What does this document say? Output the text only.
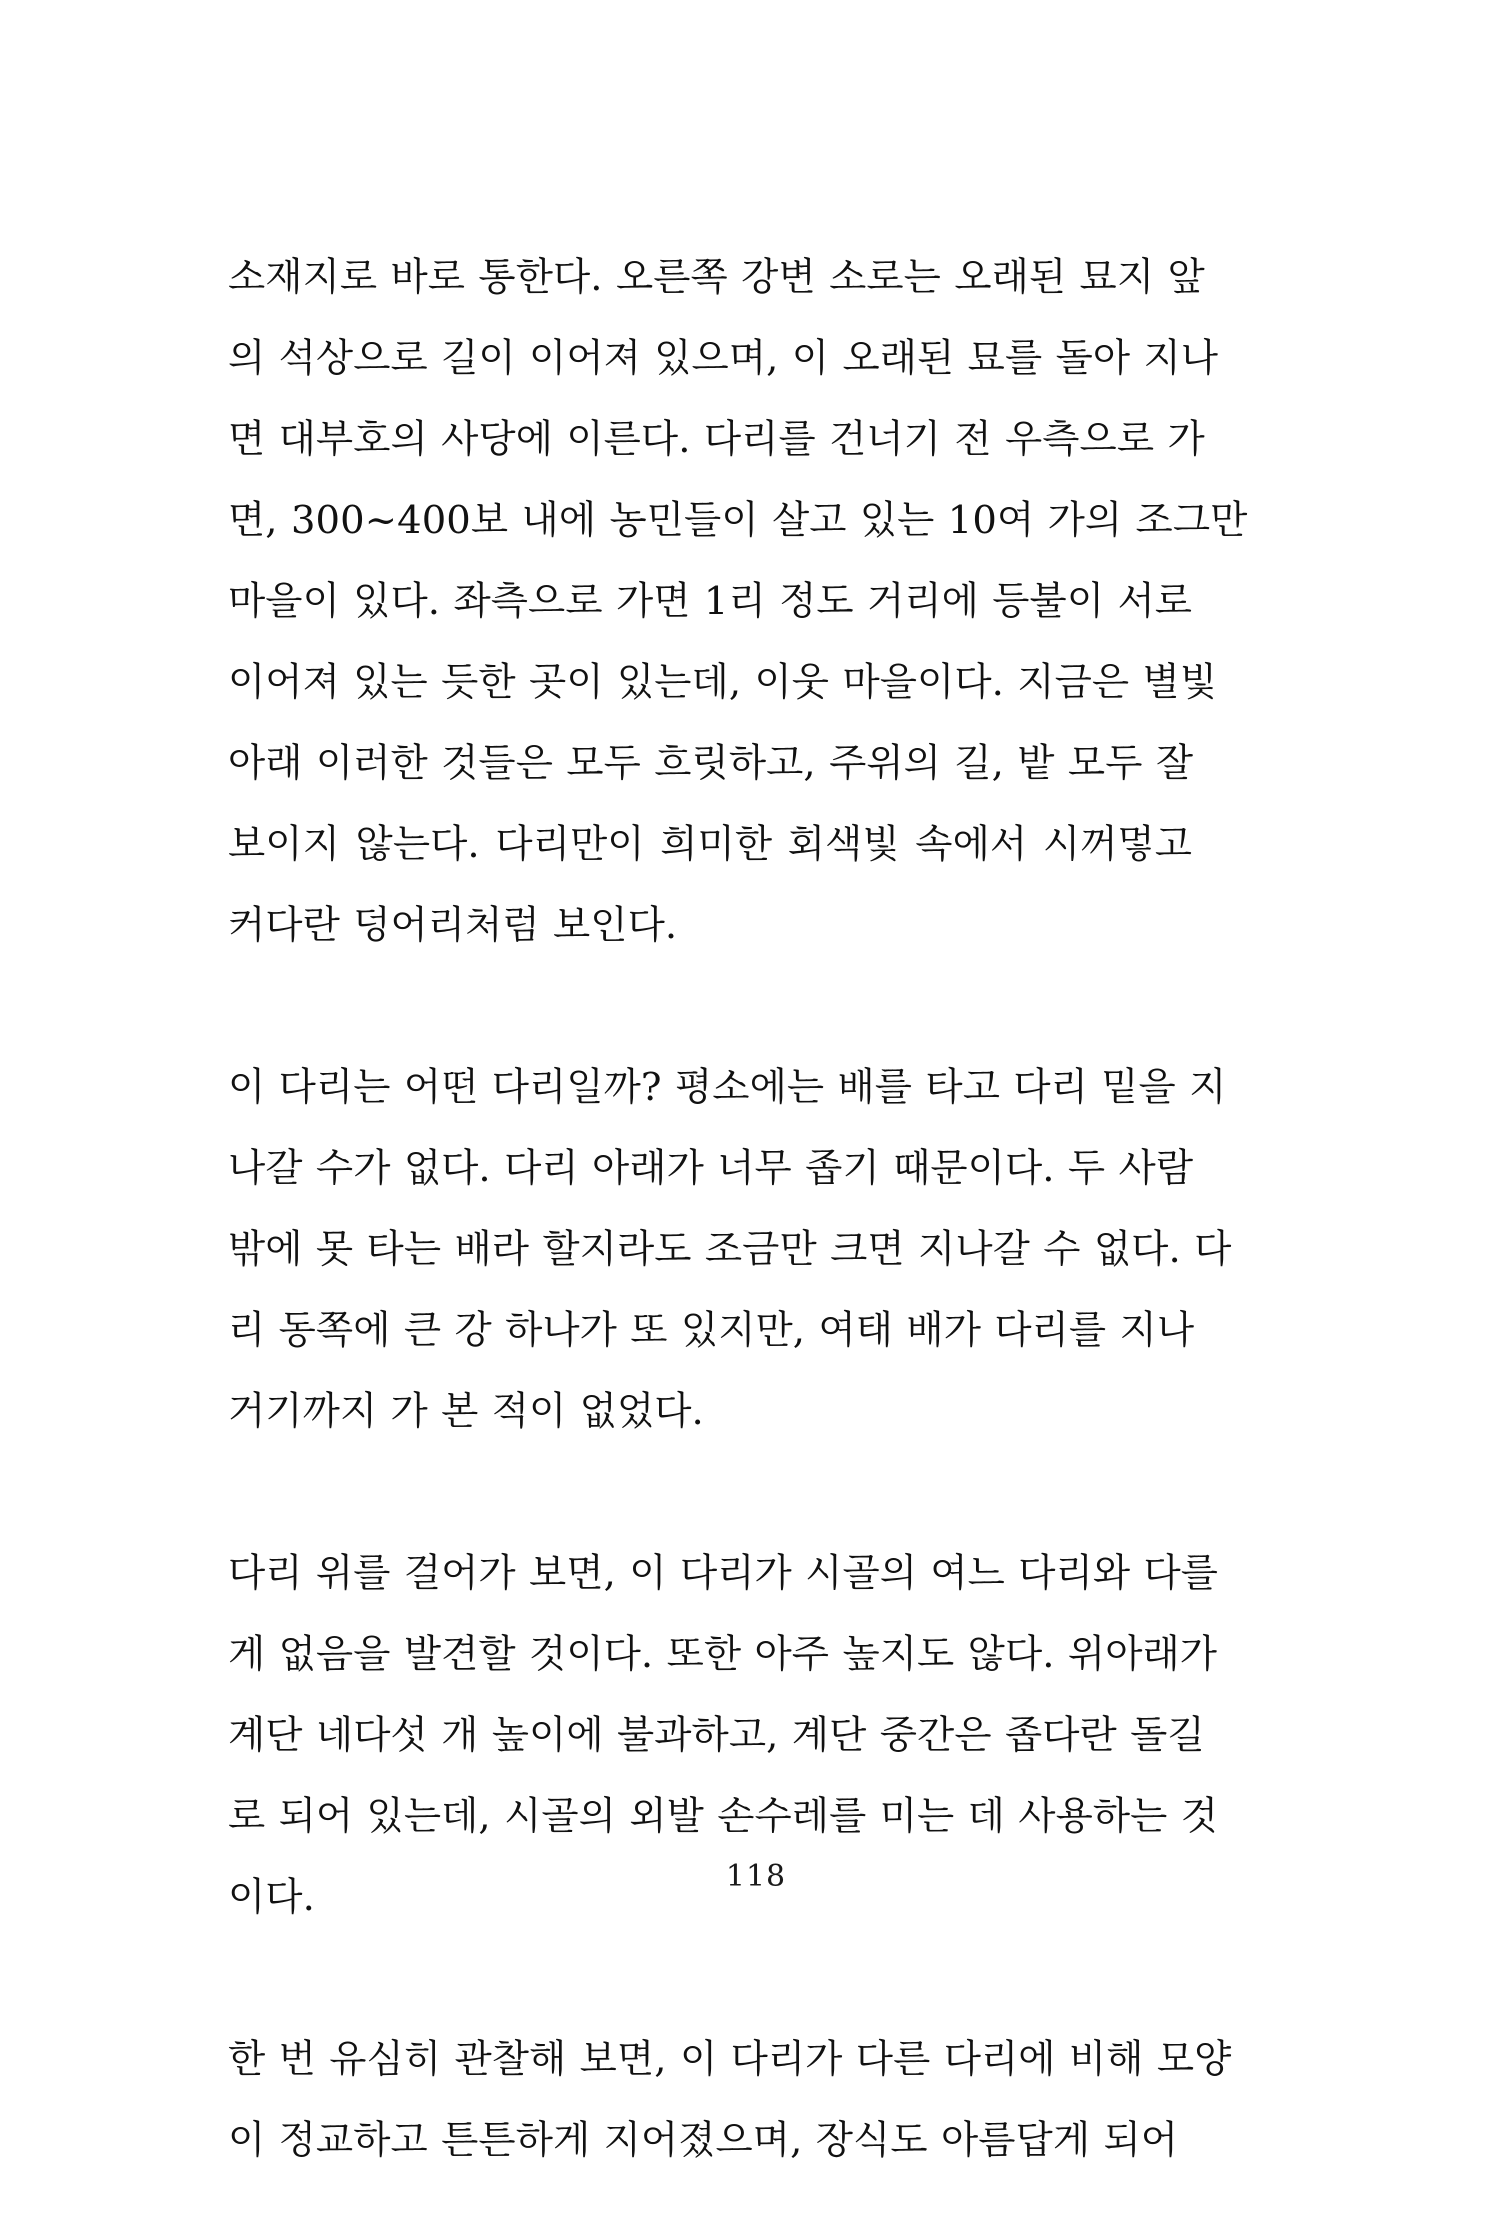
소재지로 바로 통한다. 오른쪽 강변 소로는 오래된 묘지 앞
의 석상으로 길이 이어져 있으며, 이 오래된 묘를 돌아 지나
면 대부호의 사당에 이른다. 다리를 건너기 전 우측으로 가
면, 300~400보 내에 농민들이 살고 있는 10여 가의 조그만
마을이 있다. 좌측으로 가면 1리 정도 거리에 등불이 서로
이어져 있는 듯한 곳이 있는데, 이웃 마을이다. 지금은 별빛
아래 이러한 것들은 모두 흐릿하고, 주위의 길, 밭 모두 잘
보이지 않는다. 다리만이 희미한 회색빛 속에서 시꺼멓고
커다란 덩어리처럼 보인다.

이 다리는 어떤 다리일까? 평소에는 배를 타고 다리 밑을 지
나갈 수가 없다. 다리 아래가 너무 좁기 때문이다. 두 사람
밖에 못 타는 배라 할지라도 조금만 크면 지나갈 수 없다. 다
리 동쪽에 큰 강 하나가 또 있지만, 여태 배가 다리를 지나
거기까지 가 본 적이 없었다.

다리 위를 걸어가 보면, 이 다리가 시골의 여느 다리와 다를
게 없음을 발견할 것이다. 또한 아주 높지도 않다. 위아래가
계단 네다섯 개 높이에 불과하고, 계단 중간은 좁다란 돌길
로 되어 있는데, 시골의 외발 손수레를 미는 데 사용하는 것
이다.

한 번 유심히 관찰해 보면, 이 다리가 다른 다리에 비해 모양
이 정교하고 튼튼하게 지어졌으며, 장식도 아름답게 되어

118
